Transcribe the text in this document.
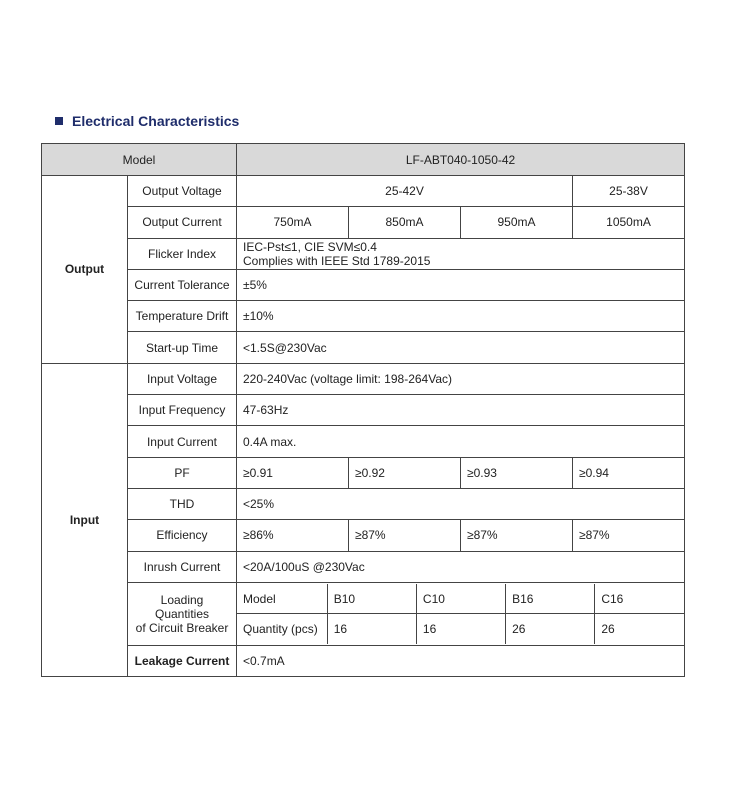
Electrical Characteristics
Model	LF-ABT040-1050-42
Output	Output Voltage	25-42V	25-38V
Output Current	750mA	850mA	950mA	1050mA
Flicker Index	IEC-Pst≤1, CIE SVM≤0.4
Complies with IEEE Std 1789-2015

Current Tolerance	±5%
Temperature Drift	±10%
Start-up Time	<1.5S@230Vac
Input	Input Voltage	220-240Vac (voltage limit: 198-264Vac)
Input Frequency	47-63Hz
Input Current	0.4A max.
PF	≥0.91	≥0.92	≥0.93	≥0.94
THD	<25%
Efficiency	≥86%	≥87%	≥87%	≥87%
Inrush Current	<20A/100uS @230Vac

Loading Quantities
of Circuit Breaker

Model	B10	C10	B16	C16
Quantity (pcs)	16	16	26	26

Leakage Current	<0.7mA
